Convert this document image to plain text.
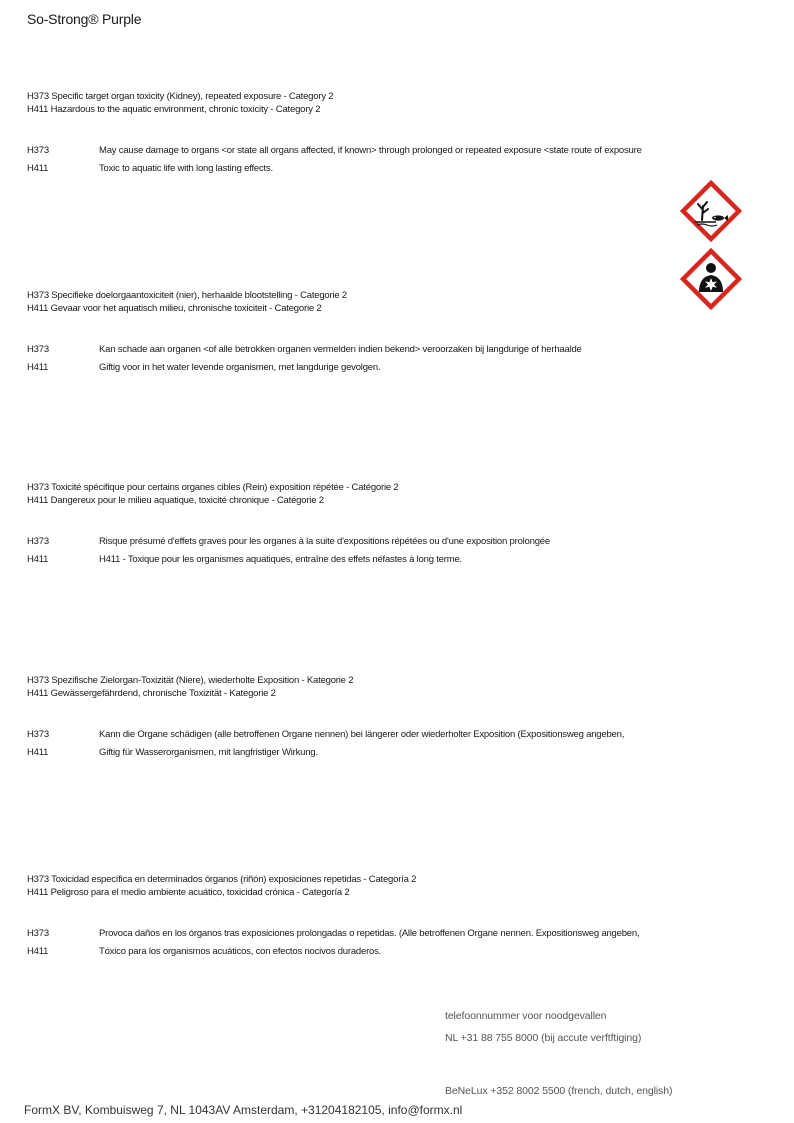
So-Strong® Purple
H373 Specific target organ toxicity (Kidney), repeated exposure - Category 2
H411 Hazardous to the aquatic environment, chronic toxicity - Category 2
H373	May cause damage to organs <or state all organs affected, if known> through prolonged or repeated exposure <state route of exposure
H411	Toxic to aquatic life with long lasting effects.
H373 Specifieke doelorgaantoxiciteit (nier), herhaalde blootstelling - Categorie 2
H411 Gevaar voor het aquatisch milieu, chronische toxiciteit - Categorie 2
H373	Kan schade aan organen <of alle betrokken organen vermelden indien bekend> veroorzaken bij langdurige of herhaalde
H411	Giftig voor in het water levende organismen, met langdurige gevolgen.
H373 Toxicité spécifique pour certains organes cibles (Rein) exposition répétée - Catégorie 2
H411 Dangereux pour le milieu aquatique, toxicité chronique - Catégorie 2
H373	Risque présumé d'effets graves pour les organes à la suite d'expositions répétées ou d'une exposition prolongée
H411	H411 - Toxique pour les organismes aquatiques, entraîne des effets néfastes à long terme.
H373 Spezifische Zielorgan-Toxizität (Niere), wiederholte Exposition - Kategorie 2
H411 Gewässergefährdend, chronische Toxizität - Kategorie 2
H373	Kann die Organe schädigen (alle betroffenen Organe nennen) bei längerer oder wiederholter Exposition (Expositionsweg angeben,
H411	Giftig für Wasserorganismen, mit langfristiger Wirkung.
H373 Toxicidad específica en determinados órganos (riñón) exposiciones repetidas - Categoría 2
H411 Peligroso para el medio ambiente acuático, toxicidad crónica - Categoría 2
H373	Provoca daños en los órganos tras exposiciones prolongadas o repetidas. (Alle betroffenen Organe nennen. Expositionsweg angeben,
H411	Tóxico para los organismos acuáticos, con efectos nocivos duraderos.
telefoonnummer voor noodgevallen
NL +31 88 755 8000 (bij accute verftftiging)
BeNeLux +352 8002 5500 (french, dutch, english)
FormX BV, Kombuisweg 7, NL 1043AV Amsterdam, +31204182105, info@formx.nl
